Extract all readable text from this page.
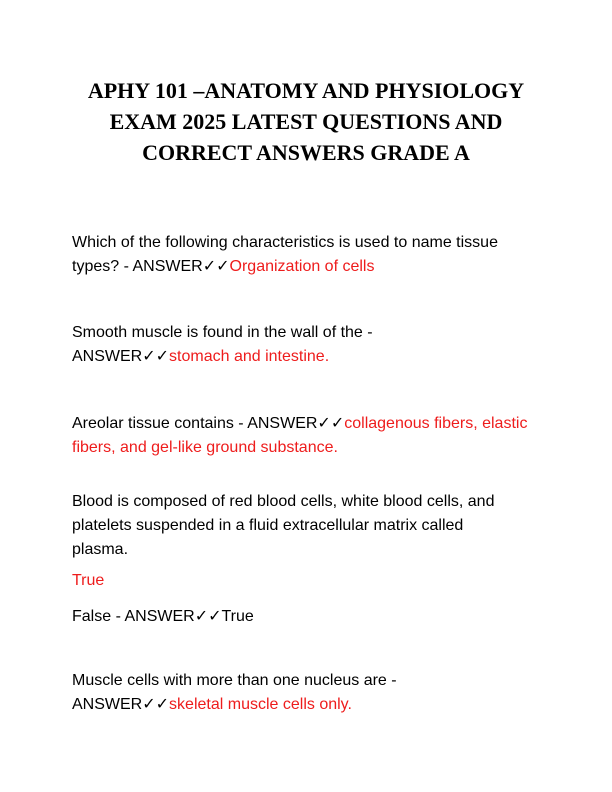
APHY 101 –ANATOMY AND PHYSIOLOGY
EXAM 2025 LATEST QUESTIONS AND
CORRECT ANSWERS GRADE A
Which of the following characteristics is used to name tissue
types? - ANSWER✓✓Organization of cells
Smooth muscle is found in the wall of the -
ANSWER✓✓stomach and intestine.
Areolar tissue contains - ANSWER✓✓collagenous fibers, elastic
fibers, and gel-like ground substance.
Blood is composed of red blood cells, white blood cells, and
platelets suspended in a fluid extracellular matrix called
plasma.
True
False - ANSWER✓✓True
Muscle cells with more than one nucleus are -
ANSWER✓✓skeletal muscle cells only.
